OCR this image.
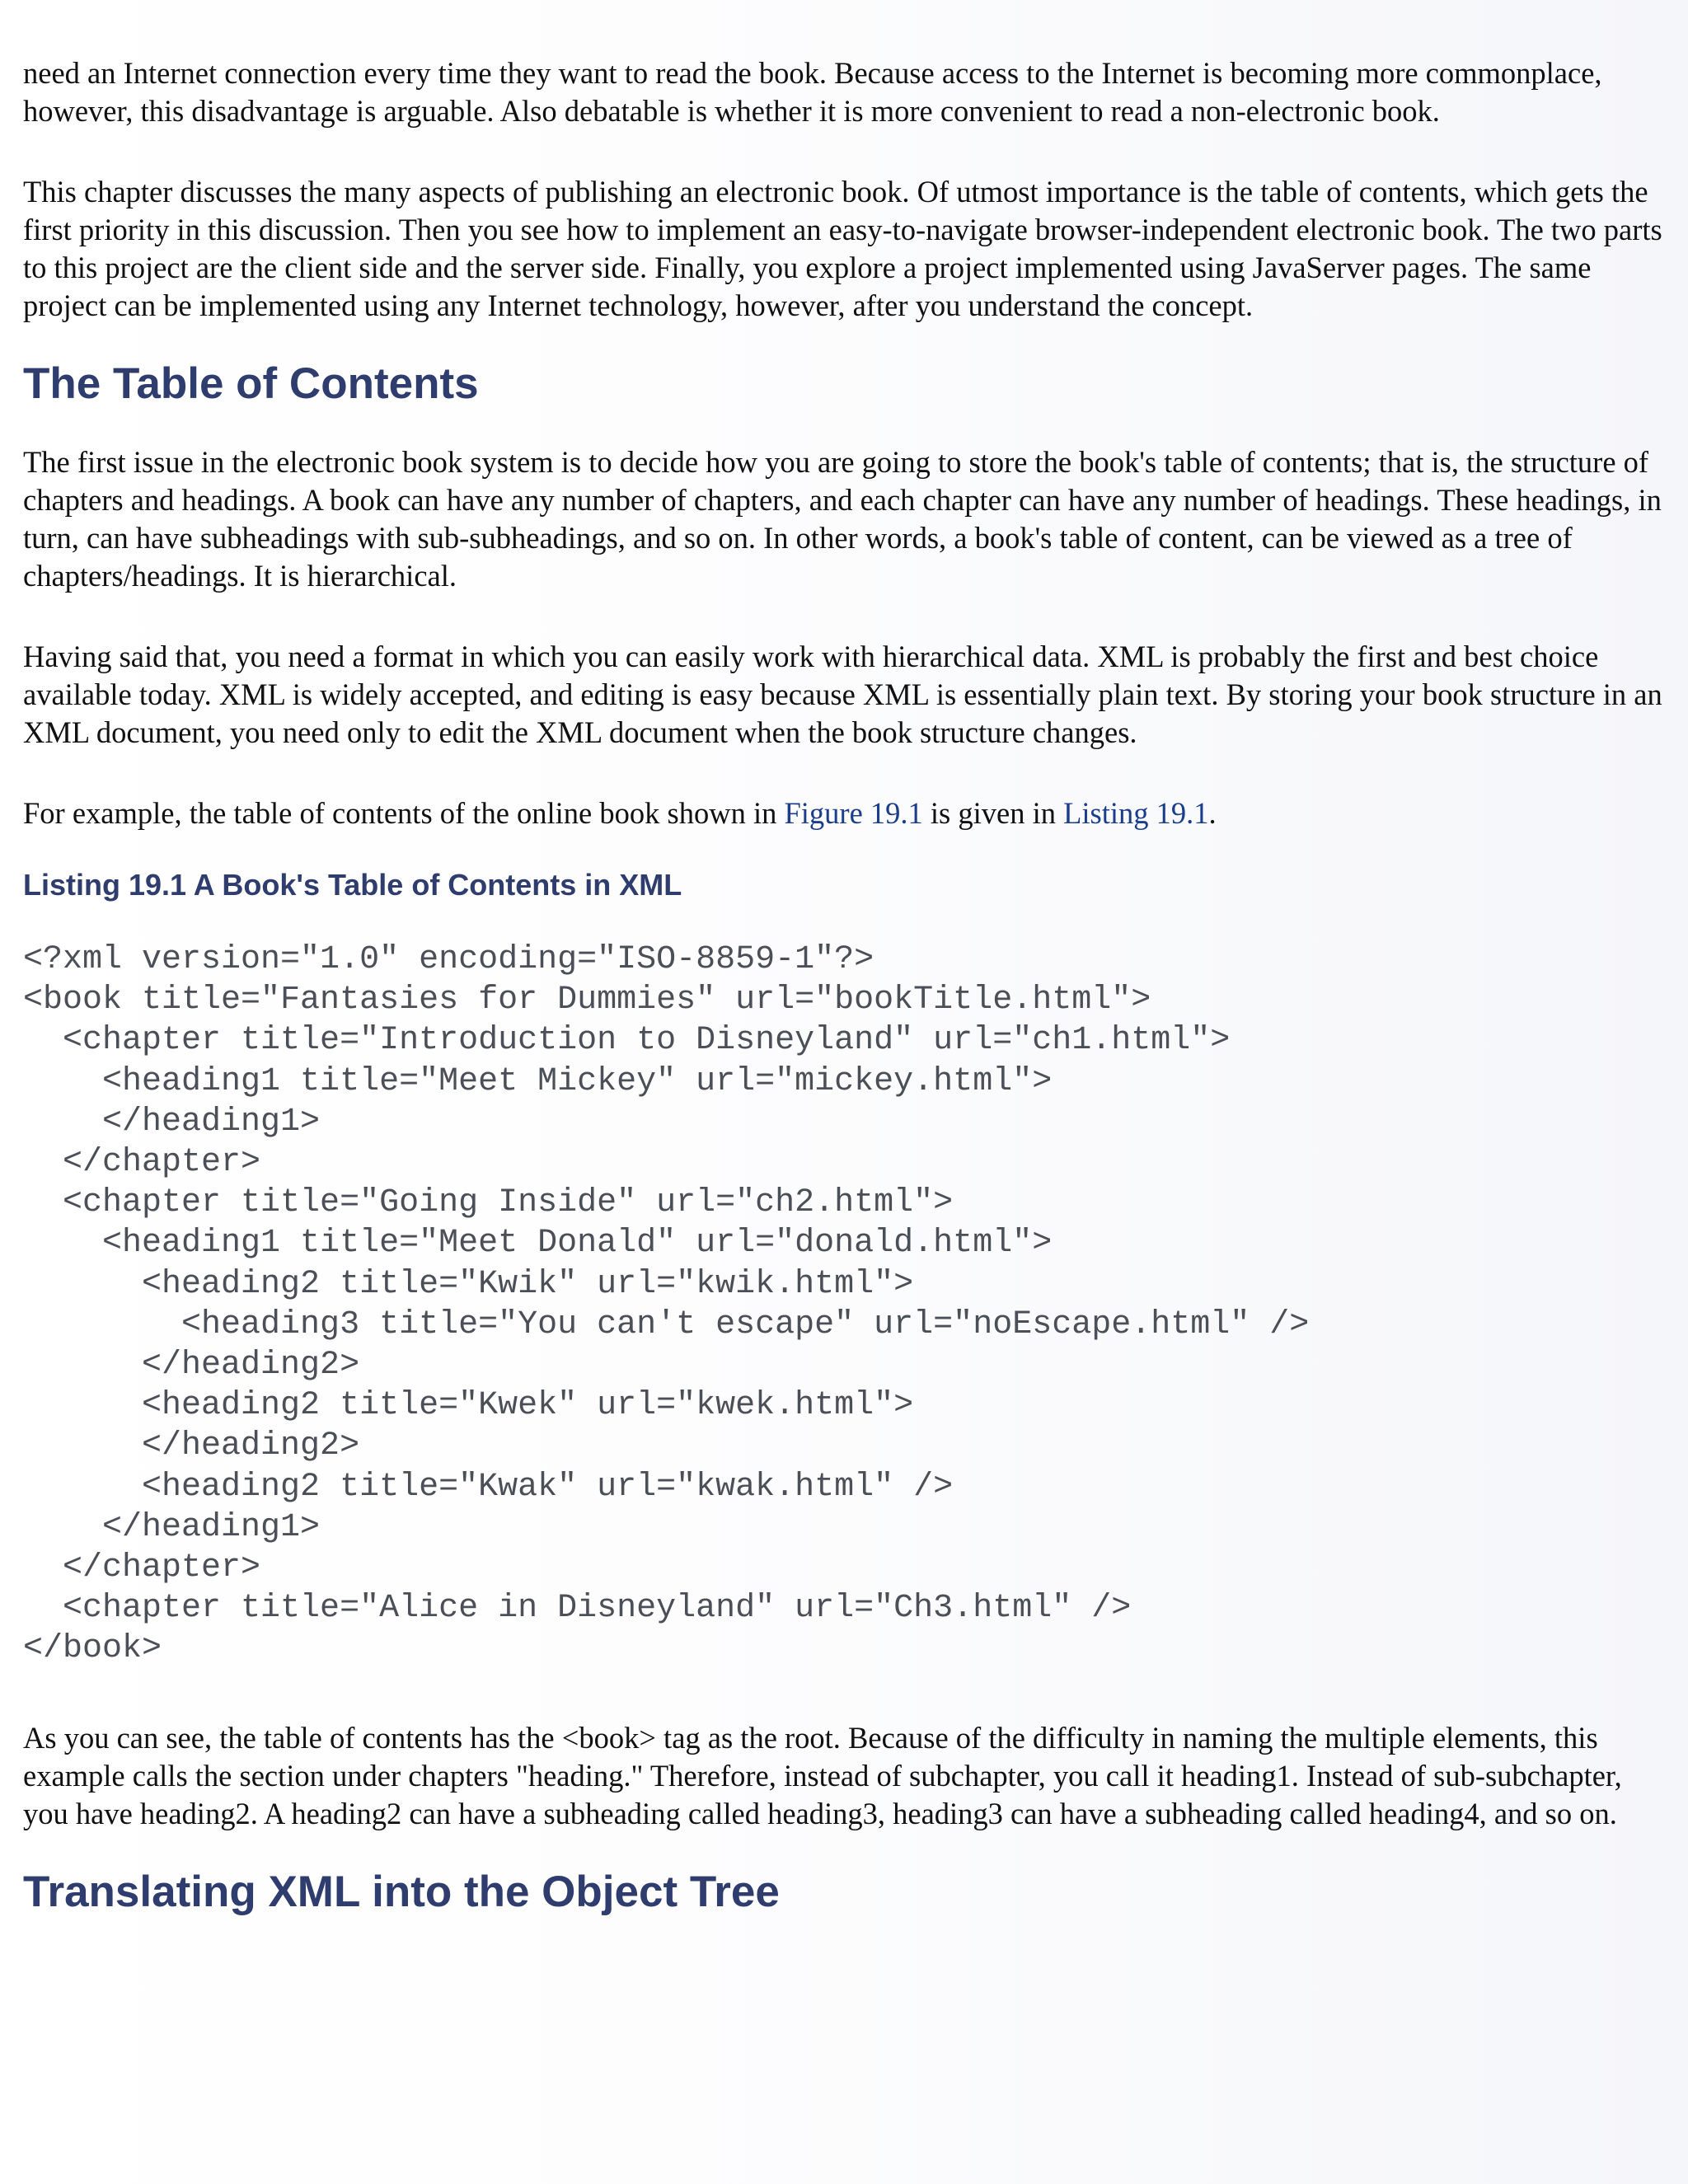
need an Internet connection every time they want to read the book. Because access to the Internet is becoming more commonplace, however, this disadvantage is arguable. Also debatable is whether it is more convenient to read a non-electronic book.

This chapter discusses the many aspects of publishing an electronic book. Of utmost importance is the table of contents, which gets the first priority in this discussion. Then you see how to implement an easy-to-navigate browser-independent electronic book. The two parts to this project are the client side and the server side. Finally, you explore a project implemented using JavaServer pages. The same project can be implemented using any Internet technology, however, after you understand the concept.

The Table of Contents

The first issue in the electronic book system is to decide how you are going to store the book's table of contents; that is, the structure of chapters and headings. A book can have any number of chapters, and each chapter can have any number of headings. These headings, in turn, can have subheadings with sub-subheadings, and so on. In other words, a book's table of content, can be viewed as a tree of chapters/headings. It is hierarchical.

Having said that, you need a format in which you can easily work with hierarchical data. XML is probably the first and best choice available today. XML is widely accepted, and editing is easy because XML is essentially plain text. By storing your book structure in an XML document, you need only to edit the XML document when the book structure changes.

For example, the table of contents of the online book shown in Figure 19.1 is given in Listing 19.1.

Listing 19.1 A Book's Table of Contents in XML
<?xml version="1.0" encoding="ISO-8859-1"?>
<book title="Fantasies for Dummies" url="bookTitle.html">
<chapter title="Introduction to Disneyland" url="ch1.html">
<heading1 title="Meet Mickey" url="mickey.html">
</heading1>
</chapter>
<chapter title="Going Inside" url="ch2.html">
<heading1 title="Meet Donald" url="donald.html">
<heading2 title="Kwik" url="kwik.html">
<heading3 title="You can't escape" url="noEscape.html" />
</heading2>
<heading2 title="Kwek" url="kwek.html">
</heading2>
<heading2 title="Kwak" url="kwak.html" />
</heading1>
</chapter>
<chapter title="Alice in Disneyland" url="Ch3.html" />
</book>

As you can see, the table of contents has the <book> tag as the root. Because of the difficulty in naming the multiple elements, this example calls the section under chapters "heading." Therefore, instead of subchapter, you call it heading1. Instead of sub-subchapter, you have heading2. A heading2 can have a subheading called heading3, heading3 can have a subheading called heading4, and so on.

Translating XML into the Object Tree
